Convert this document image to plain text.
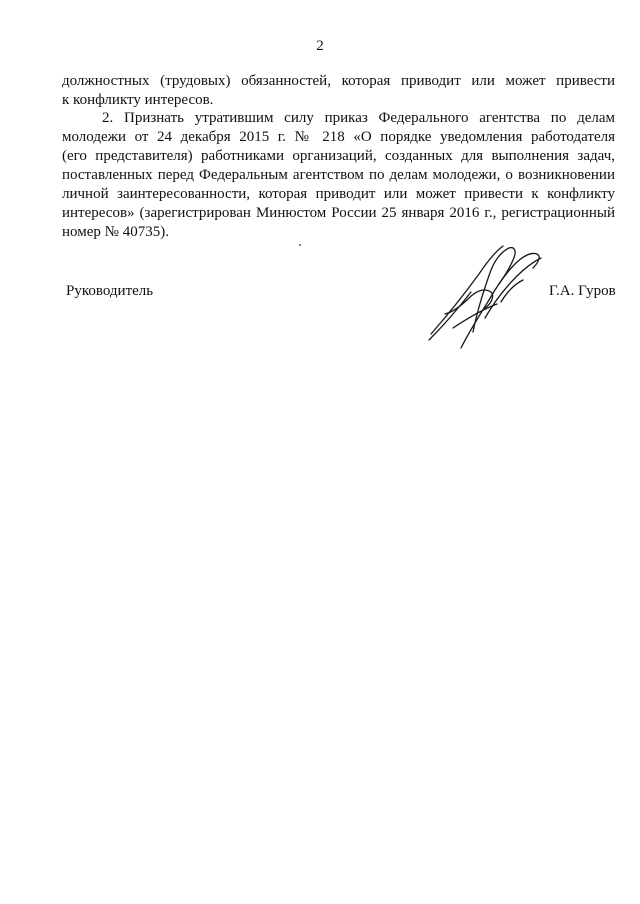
2
должностных (трудовых) обязанностей, которая приводит или может привести
к конфликту интересов.
2. Признать утратившим силу приказ Федерального агентства по делам
молодежи от 24 декабря 2015 г. № 218 «О порядке уведомления работодателя
(его представителя) работниками организаций, созданных для выполнения задач,
поставленных перед Федеральным агентством по делам молодежи, о возникновении
личной заинтересованности, которая приводит или может привести к конфликту
интересов» (зарегистрирован Минюстом России 25 января 2016 г., регистрационный
номер № 40735).
Руководитель	Г.А. Гуров
